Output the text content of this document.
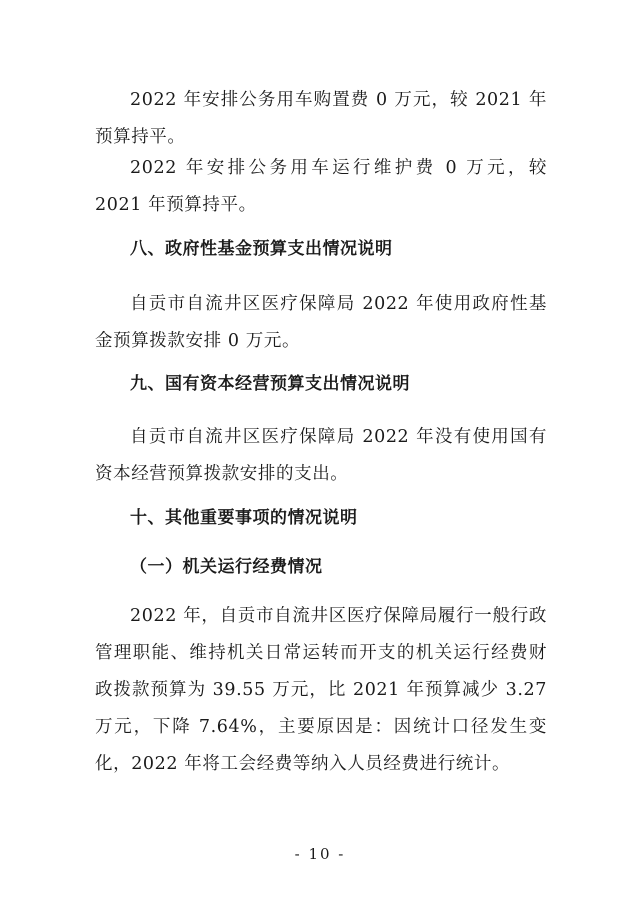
2022 年安排公务用车购置费 0 万元，较 2021 年预算持平。

2022 年安排公务用车运行维护费 0 万元，较 2021 年预算持平。

八、政府性基金预算支出情况说明

自贡市自流井区医疗保障局 2022 年使用政府性基金预算拨款安排 0 万元。

九、国有资本经营预算支出情况说明

自贡市自流井区医疗保障局 2022 年没有使用国有资本经营预算拨款安排的支出。

十、其他重要事项的情况说明
（一）机关运行经费情况

2022 年，自贡市自流井区医疗保障局履行一般行政管理职能、维持机关日常运转而开支的机关运行经费财政拨款预算为 39.55 万元，比 2021 年预算减少 3.27 万元，下降 7.64%，主要原因是：因统计口径发生变化，2022 年将工会经费等纳入人员经费进行统计。

- 10 -
